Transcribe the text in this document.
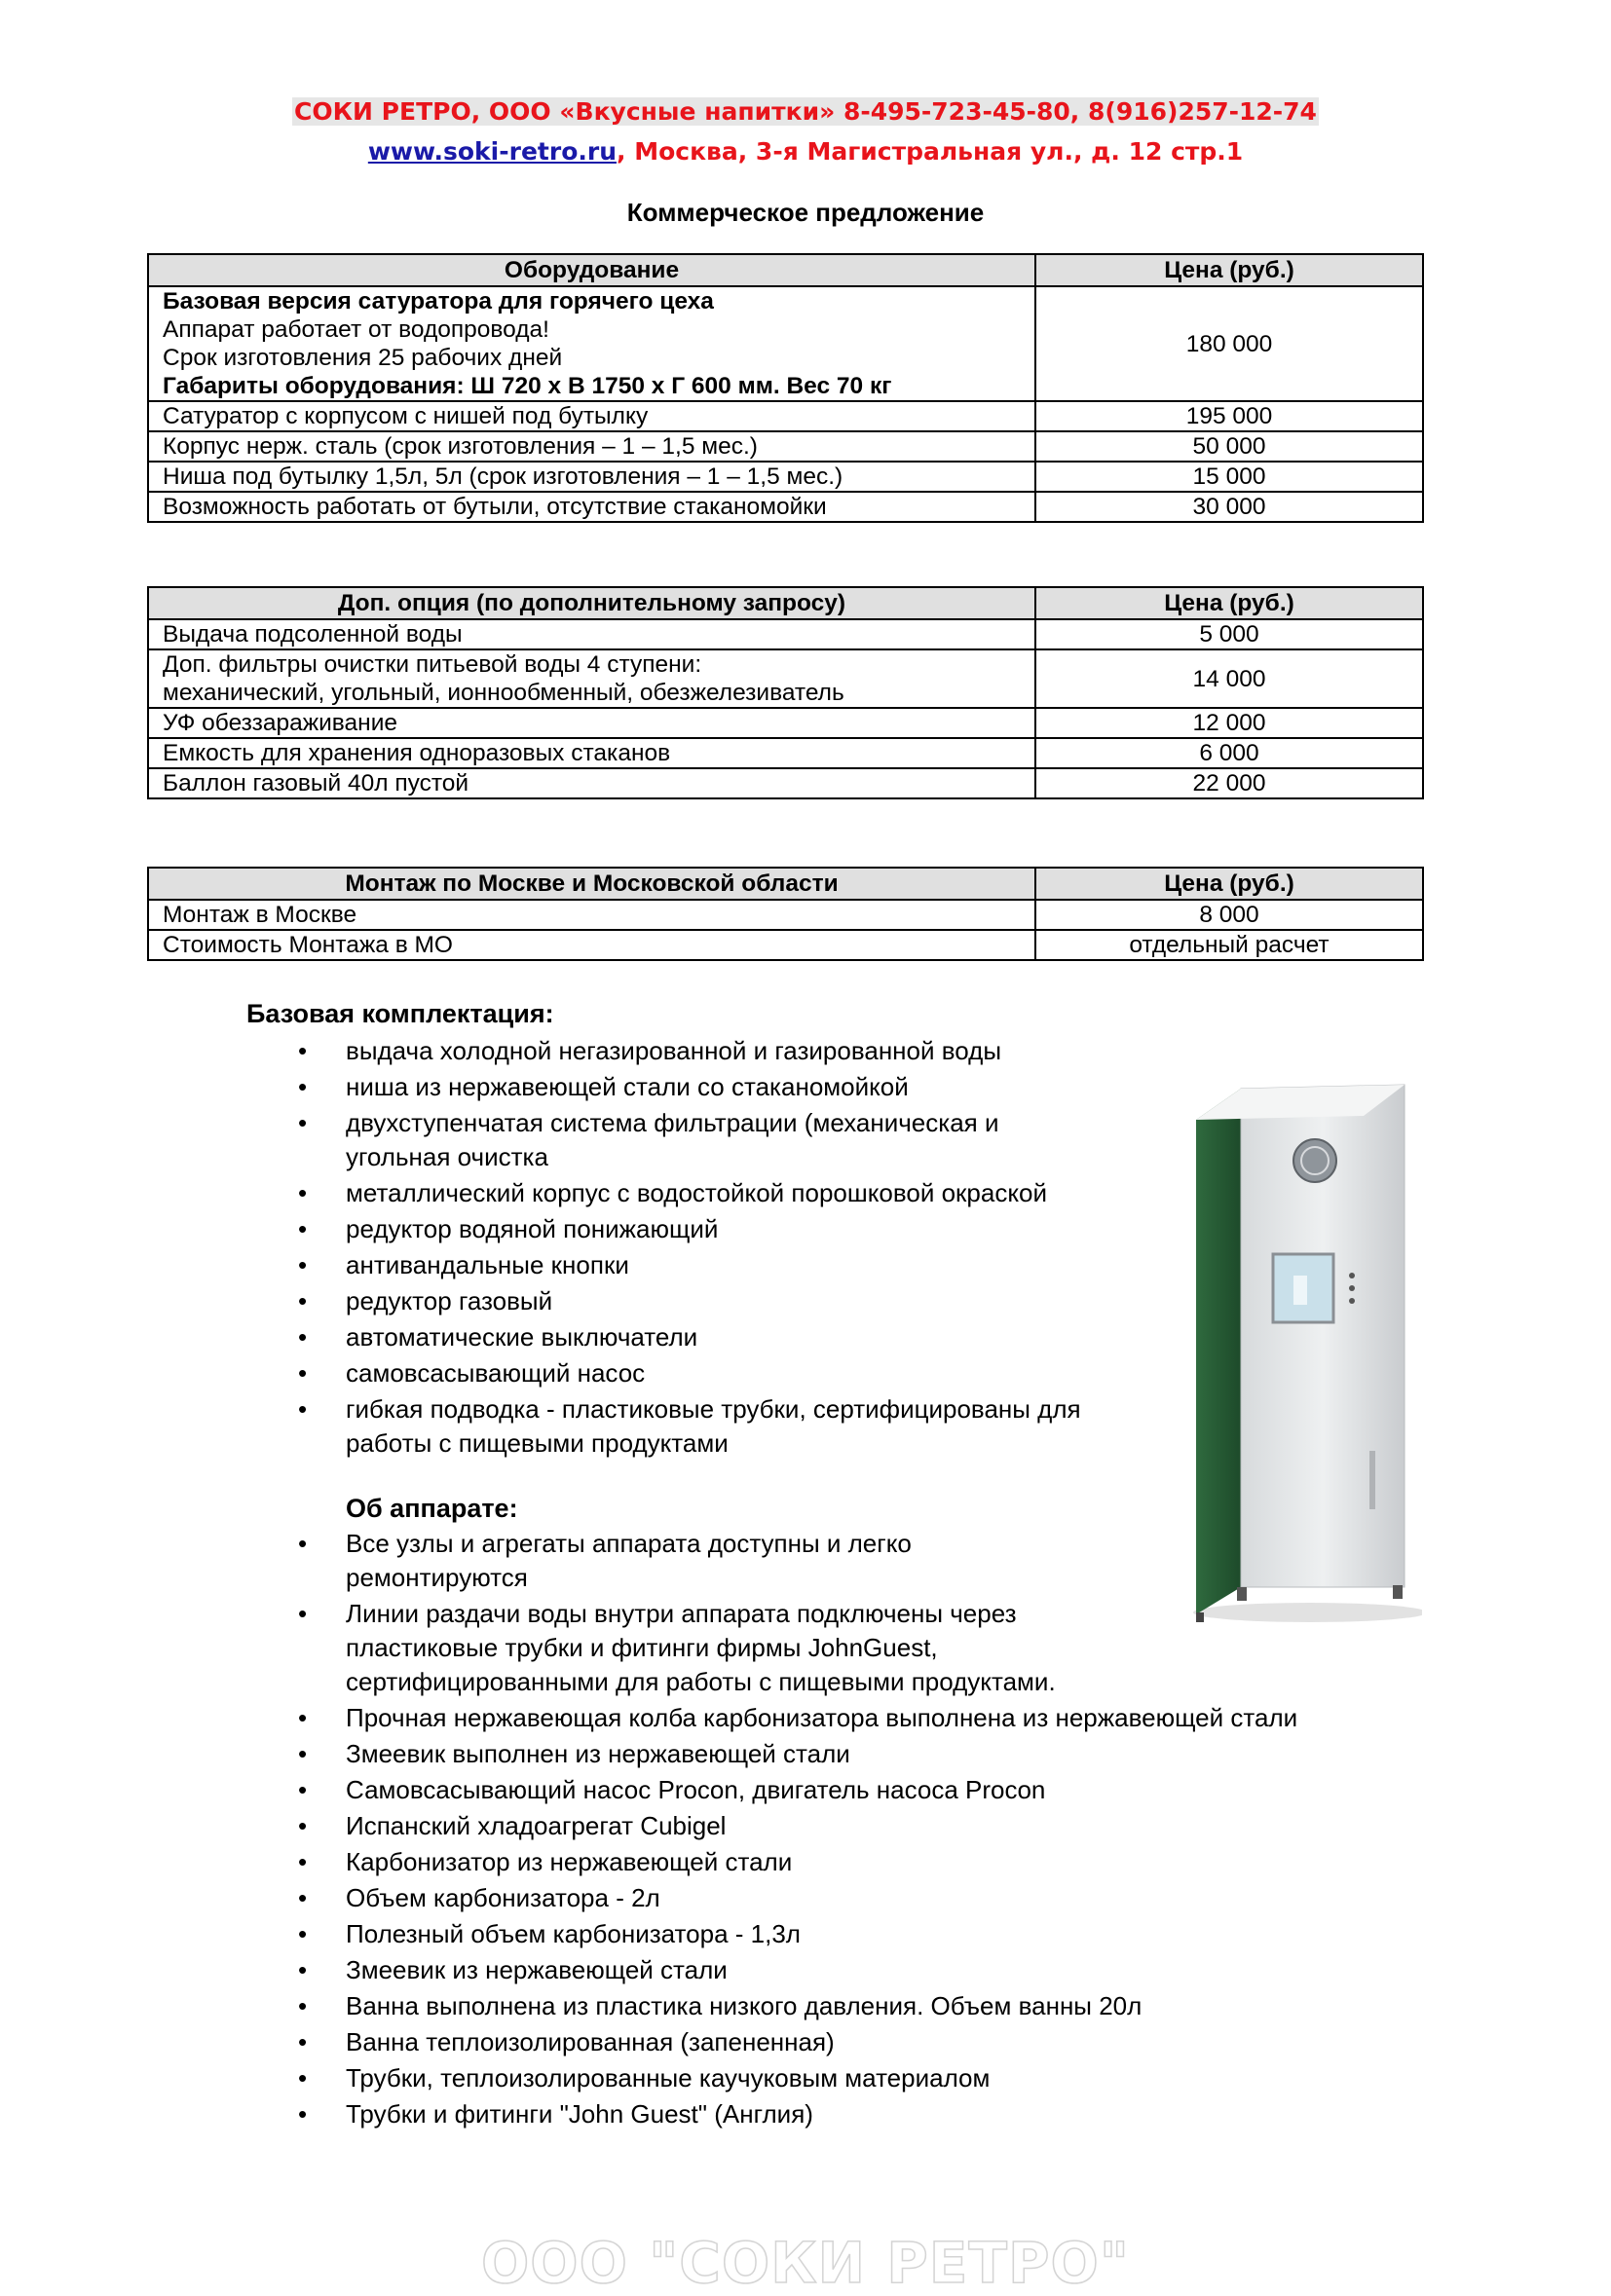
СОКИ РЕТРО, ООО «Вкусные напитки» 8-495-723-45-80, 8(916)257-12-74
www.soki-retro.ru, Москва, 3-я Магистральная ул., д. 12 стр.1
Коммерческое предложение
Оборудование	Цена (руб.)

Базовая версия сатуратора для горячего цеха
Аппарат работает от водопровода!
Срок изготовления 25 рабочих дней
Габариты оборудования: Ш 720 х В 1750 х Г 600 мм. Вес 70 кг	180 000
Сатуратор с корпусом с нишей под бутылку	195 000
Корпус нерж. сталь (срок изготовления – 1 – 1,5 мес.)	50 000
Ниша под бутылку 1,5л, 5л (срок изготовления – 1 – 1,5 мес.)	15 000
Возможность работать от бутыли, отсутствие стаканомойки	30 000
Доп. опция (по дополнительному запросу)	Цена (руб.)
Выдача подсоленной воды	5 000

Доп. фильтры очистки питьевой воды 4 ступени:
механический, угольный, ионнообменный, обезжелезиватель	14 000
УФ обеззараживание	12 000
Емкость для хранения одноразовых стаканов	6 000
Баллон газовый 40л пустой	22 000
Монтаж по Москве и Московской области	Цена (руб.)
Монтаж в Москве	8 000
Стоимость Монтажа в МО	отдельный расчет
Базовая комплектация:
• выдача холодной негазированной и газированной воды
• ниша из нержавеющей стали со стаканомойкой
• двухступенчатая система фильтрации (механическая и угольная очистка
• металлический корпус с водостойкой порошковой окраской
• редуктор водяной понижающий
• антивандальные кнопки
• редуктор газовый
• автоматические выключатели
• самовсасывающий насос
• гибкая подводка - пластиковые трубки, сертифицированы для работы с пищевыми продуктами
Об аппарате:
• Все узлы и агрегаты аппарата доступны и легко ремонтируются
• Линии раздачи воды внутри аппарата подключены через пластиковые трубки и фитинги фирмы JohnGuest, сертифицированными для работы с пищевыми продуктами.
• Прочная нержавеющая колба карбонизатора выполнена из нержавеющей стали
• Змеевик выполнен из нержавеющей стали
• Самовсасывающий насос Procon, двигатель насоса Procon
• Испанский хладоагрегат Cubigel
• Карбонизатор из нержавеющей стали
• Объем карбонизатора - 2л
• Полезный объем карбонизатора - 1,3л
• Змеевик из нержавеющей стали
• Ванна выполнена из пластика низкого давления. Объем ванны 20л
• Ванна теплоизолированная (запененная)
• Трубки, теплоизолированные каучуковым материалом
• Трубки и фитинги "John Guest" (Англия)
ООО "СОКИ РЕТРО"
